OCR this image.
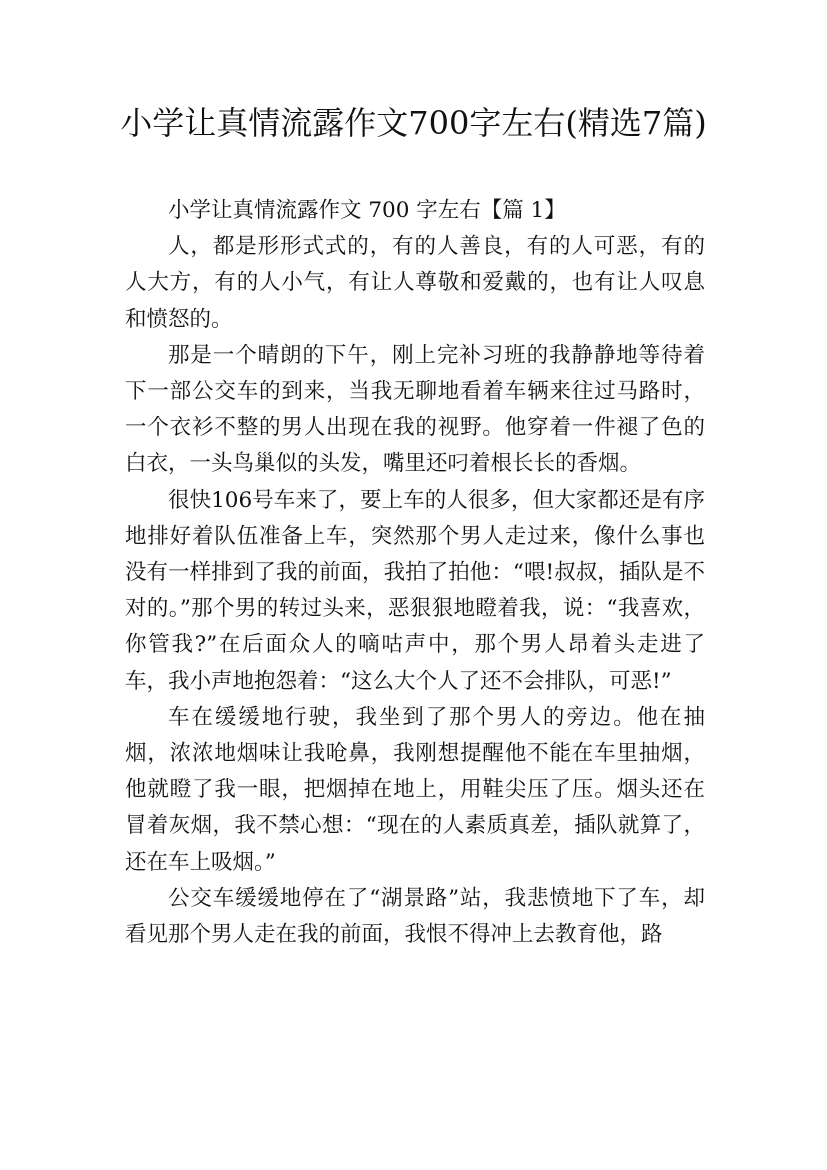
小学让真情流露作文700字左右(精选7篇)

小学让真情流露作文 700 字左右【篇 1】

人，都是形形式式的，有的人善良，有的人可恶，有的人大方，有的人小气，有让人尊敬和爱戴的，也有让人叹息和愤怒的。

那是一个晴朗的下午，刚上完补习班的我静静地等待着下一部公交车的到来，当我无聊地看着车辆来往过马路时，一个衣衫不整的男人出现在我的视野。他穿着一件褪了色的白衣，一头鸟巢似的头发，嘴里还叼着根长长的香烟。

很快106号车来了，要上车的人很多，但大家都还是有序地排好着队伍准备上车，突然那个男人走过来，像什么事也没有一样排到了我的前面，我拍了拍他：“喂!叔叔，插队是不对的。”那个男的转过头来，恶狠狠地瞪着我，说：“我喜欢，你管我?”在后面众人的嘀咕声中，那个男人昂着头走进了车，我小声地抱怨着：“这么大个人了还不会排队，可恶!”

车在缓缓地行驶，我坐到了那个男人的旁边。他在抽烟，浓浓地烟味让我呛鼻，我刚想提醒他不能在车里抽烟，他就瞪了我一眼，把烟掉在地上，用鞋尖压了压。烟头还在冒着灰烟，我不禁心想：“现在的人素质真差，插队就算了，还在车上吸烟。”

公交车缓缓地停在了“湖景路”站，我悲愤地下了车，却看见那个男人走在我的前面，我恨不得冲上去教育他，路
